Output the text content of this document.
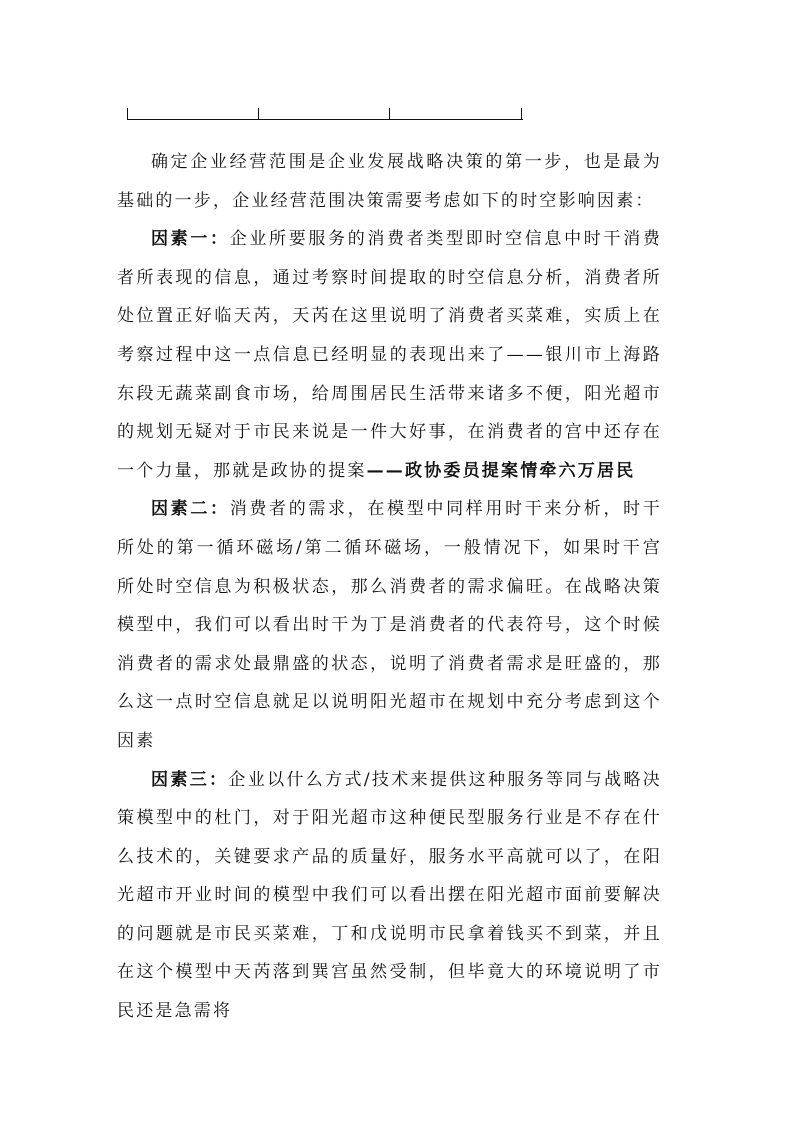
确定企业经营范围是企业发展战略决策的第一步，也是最为基础的一步，企业经营范围决策需要考虑如下的时空影响因素：

因素一：企业所要服务的消费者类型即时空信息中时干消费者所表现的信息，通过考察时间提取的时空信息分析，消费者所处位置正好临天芮，天芮在这里说明了消费者买菜难，实质上在考察过程中这一点信息已经明显的表现出来了——银川市上海路东段无蔬菜副食市场，给周围居民生活带来诸多不便，阳光超市的规划无疑对于市民来说是一件大好事，在消费者的宫中还存在一个力量，那就是政协的提案——政协委员提案情牵六万居民

因素二：消费者的需求，在模型中同样用时干来分析，时干所处的第一循环磁场/第二循环磁场，一般情况下，如果时干宫所处时空信息为积极状态，那么消费者的需求偏旺。在战略决策模型中，我们可以看出时干为丁是消费者的代表符号，这个时候消费者的需求处最鼎盛的状态，说明了消费者需求是旺盛的，那么这一点时空信息就足以说明阳光超市在规划中充分考虑到这个因素

因素三：企业以什么方式/技术来提供这种服务等同与战略决策模型中的杜门，对于阳光超市这种便民型服务行业是不存在什么技术的，关键要求产品的质量好，服务水平高就可以了，在阳光超市开业时间的模型中我们可以看出摆在阳光超市面前要解决的问题就是市民买菜难，丁和戊说明市民拿着钱买不到菜，并且在这个模型中天芮落到巽宫虽然受制，但毕竟大的环境说明了市民还是急需将
